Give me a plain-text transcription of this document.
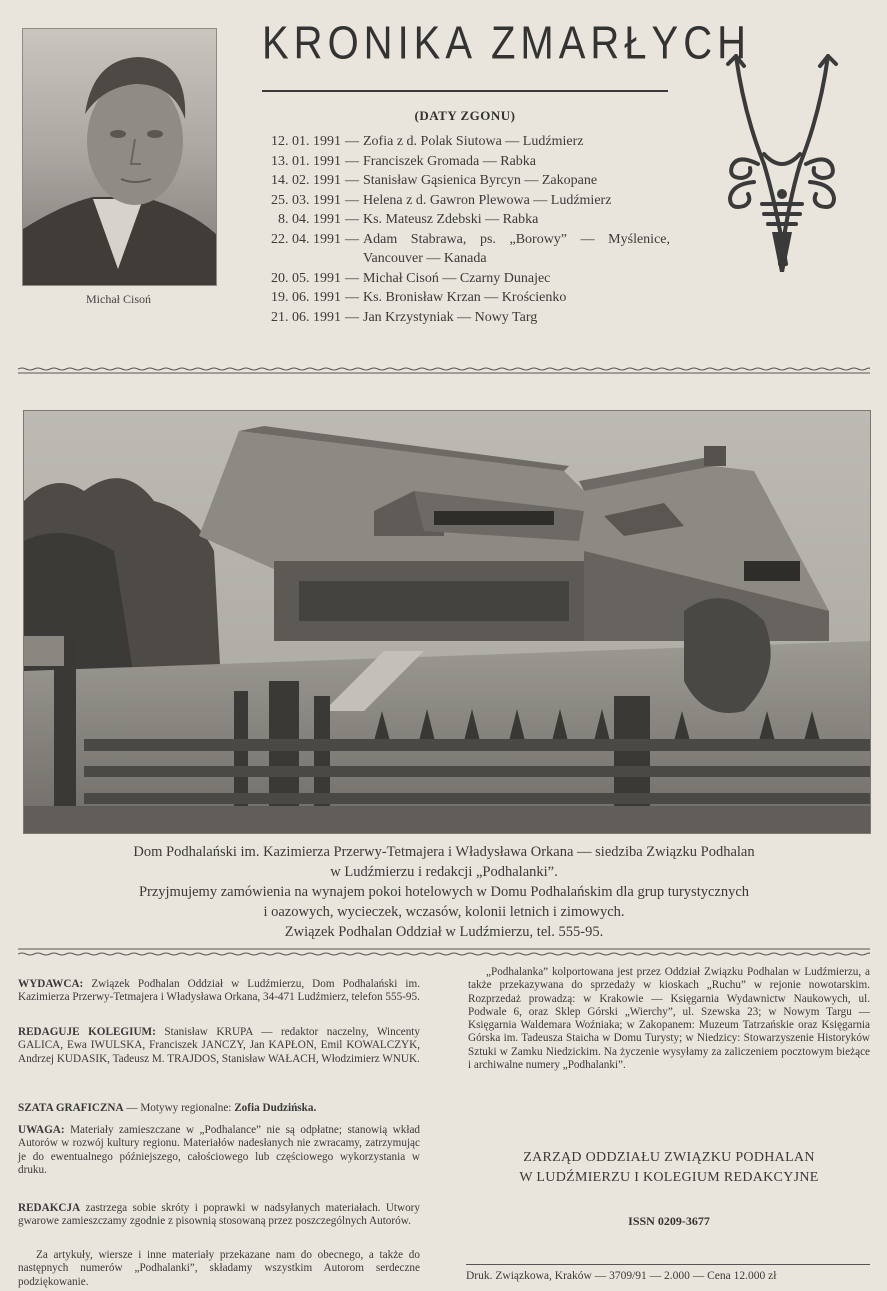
Michał Cisoń
KRONIKA ZMARŁYCH
(DATY ZGONU)
12. 01. 1991 — Zofia z d. Polak Siutowa — Ludźmierz
13. 01. 1991 — Franciszek Gromada — Rabka
14. 02. 1991 — Stanisław Gąsienica Byrcyn — Zakopane
25. 03. 1991 — Helena z d. Gawron Plewowa — Ludźmierz
8. 04. 1991 — Ks. Mateusz Zdebski — Rabka
22. 04. 1991 — Adam Stabrawa, ps. „Borowy” — Myślenice, Vancouver — Kanada
20. 05. 1991 — Michał Cisoń — Czarny Dunajec
19. 06. 1991 — Ks. Bronisław Krzan — Krościenko
21. 06. 1991 — Jan Krzystyniak — Nowy Targ
Dom Podhalański im. Kazimierza Przerwy-Tetmajera i Władysława Orkana — siedziba Związku Podhalan
w Ludźmierzu i redakcji „Podhalanki”.
Przyjmujemy zamówienia na wynajem pokoi hotelowych w Domu Podhalańskim dla grup turystycznych
i oazowych, wycieczek, wczasów, kolonii letnich i zimowych.
Związek Podhalan Oddział w Ludźmierzu, tel. 555-95.

WYDAWCA: Związek Podhalan Oddział w Ludźmierzu, Dom Podhalański im. Kazimierza Przerwy-Tetmajera i Władysława Orkana, 34-471 Ludźmierz, telefon 555-95.

REDAGUJE KOLEGIUM: Stanisław KRUPA — redaktor naczelny, Wincenty GALICA, Ewa IWULSKA, Franciszek JANCZY, Jan KAPŁON, Emil KOWALCZYK, Andrzej KUDASIK, Tadeusz M. TRAJDOS, Stanisław WAŁACH, Włodzimierz WNUK.

SZATA GRAFICZNA — Motywy regionalne: Zofia Dudzińska.

UWAGA: Materiały zamieszczane w „Podhalance” nie są odpłatne; stanowią wkład Autorów w rozwój kultury regionu. Materiałów nadesłanych nie zwracamy, zatrzymując je do ewentualnego późniejszego, całościowego lub częściowego wykorzystania w druku.

REDAKCJA zastrzega sobie skróty i poprawki w nadsyłanych materiałach. Utwory gwarowe zamieszczamy zgodnie z pisownią stosowaną przez poszczególnych Autorów.

Za artykuły, wiersze i inne materiały przekazane nam do obecnego, a także do następnych numerów „Podhalanki”, składamy wszystkim Autorom serdeczne podziękowanie.

„Podhalanka” kolportowana jest przez Oddział Związku Podhalan w Ludźmierzu, a także przekazywana do sprzedaży w kioskach „Ruchu” w rejonie nowotarskim. Rozprzedaż prowadzą: w Krakowie — Księgarnia Wydawnictw Naukowych, ul. Podwale 6, oraz Sklep Górski „Wierchy”, ul. Szewska 23; w Nowym Targu — Księgarnia Waldemara Woźniaka; w Zakopanem: Muzeum Tatrzańskie oraz Księgarnia Górska im. Tadeusza Staicha w Domu Turysty; w Niedzicy: Stowarzyszenie Historyków Sztuki w Zamku Niedzickim. Na życzenie wysyłamy za zaliczeniem pocztowym bieżące i archiwalne numery „Podhalanki”.
ZARZĄD ODDZIAŁU ZWIĄZKU PODHALAN
W LUDŹMIERZU I KOLEGIUM REDAKCYJNE
ISSN 0209-3677
Druk. Związkowa, Kraków — 3709/91 — 2.000 — Cena 12.000 zł
